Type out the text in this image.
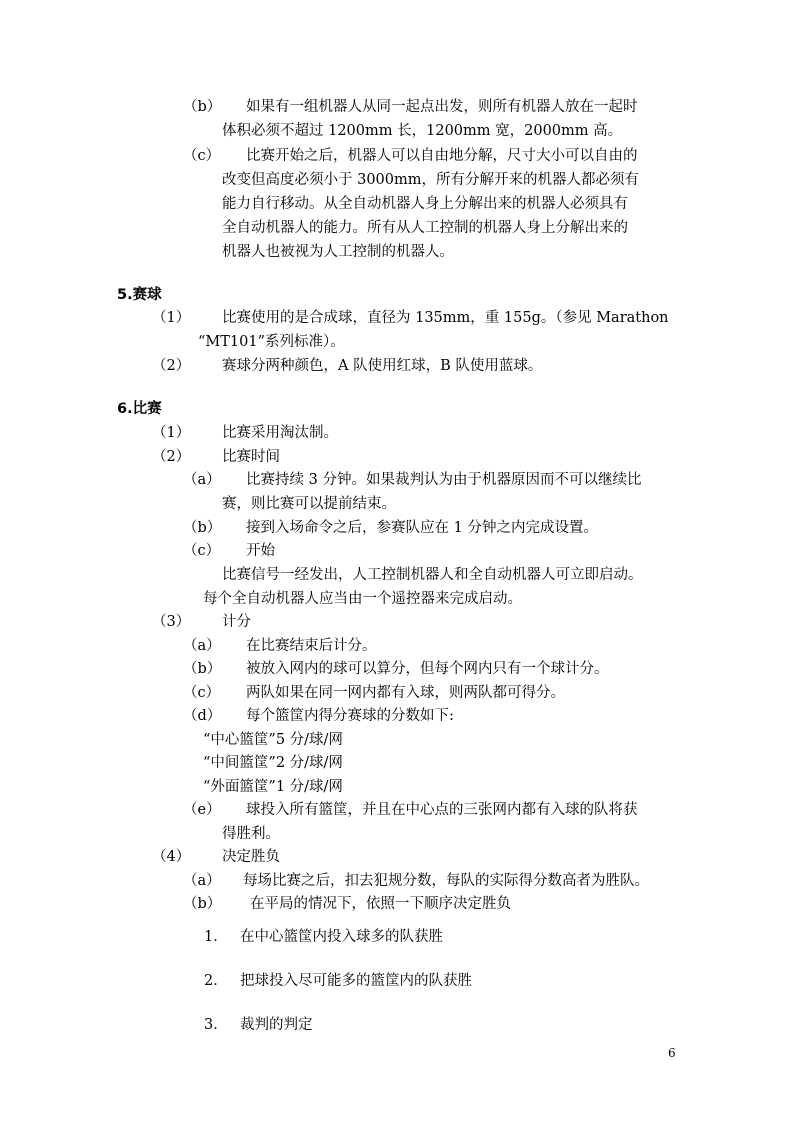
（b） 如果有一组机器人从同一起点出发，则所有机器人放在一起时
体积必须不超过 1200mm 长，1200mm 宽，2000mm 高。
（c） 比赛开始之后，机器人可以自由地分解，尺寸大小可以自由的
改变但高度必须小于 3000mm，所有分解开来的机器人都必须有
能力自行移动。从全自动机器人身上分解出来的机器人必须具有
全自动机器人的能力。所有从人工控制的机器人身上分解出来的
机器人也被视为人工控制的机器人。
5.赛球
（1） 比赛使用的是合成球，直径为 135mm，重 155g。（参见 Marathon
“MT101”系列标准）。
（2） 赛球分两种颜色，A 队使用红球，B 队使用蓝球。
6.比赛
（1） 比赛采用淘汰制。
（2） 比赛时间
（a） 比赛持续 3 分钟。如果裁判认为由于机器原因而不可以继续比
赛，则比赛可以提前结束。
（b） 接到入场命令之后，参赛队应在 1 分钟之内完成设置。
（c） 开始
比赛信号一经发出，人工控制机器人和全自动机器人可立即启动。
每个全自动机器人应当由一个遥控器来完成启动。
（3） 计分
（a） 在比赛结束后计分。
（b） 被放入网内的球可以算分，但每个网内只有一个球计分。
（c） 两队如果在同一网内都有入球，则两队都可得分。
（d） 每个篮筐内得分赛球的分数如下:
“中心篮筐”5 分/球/网
“中间篮筐”2 分/球/网
“外面篮筐”1 分/球/网
（e） 球投入所有篮筐，并且在中心点的三张网内都有入球的队将获
得胜利。
（4） 决定胜负
（a） 每场比赛之后，扣去犯规分数，每队的实际得分数高者为胜队。
（b） 在平局的情况下，依照一下顺序决定胜负
1． 在中心篮筐内投入球多的队获胜
2． 把球投入尽可能多的篮筐内的队获胜
3． 裁判的判定
6
